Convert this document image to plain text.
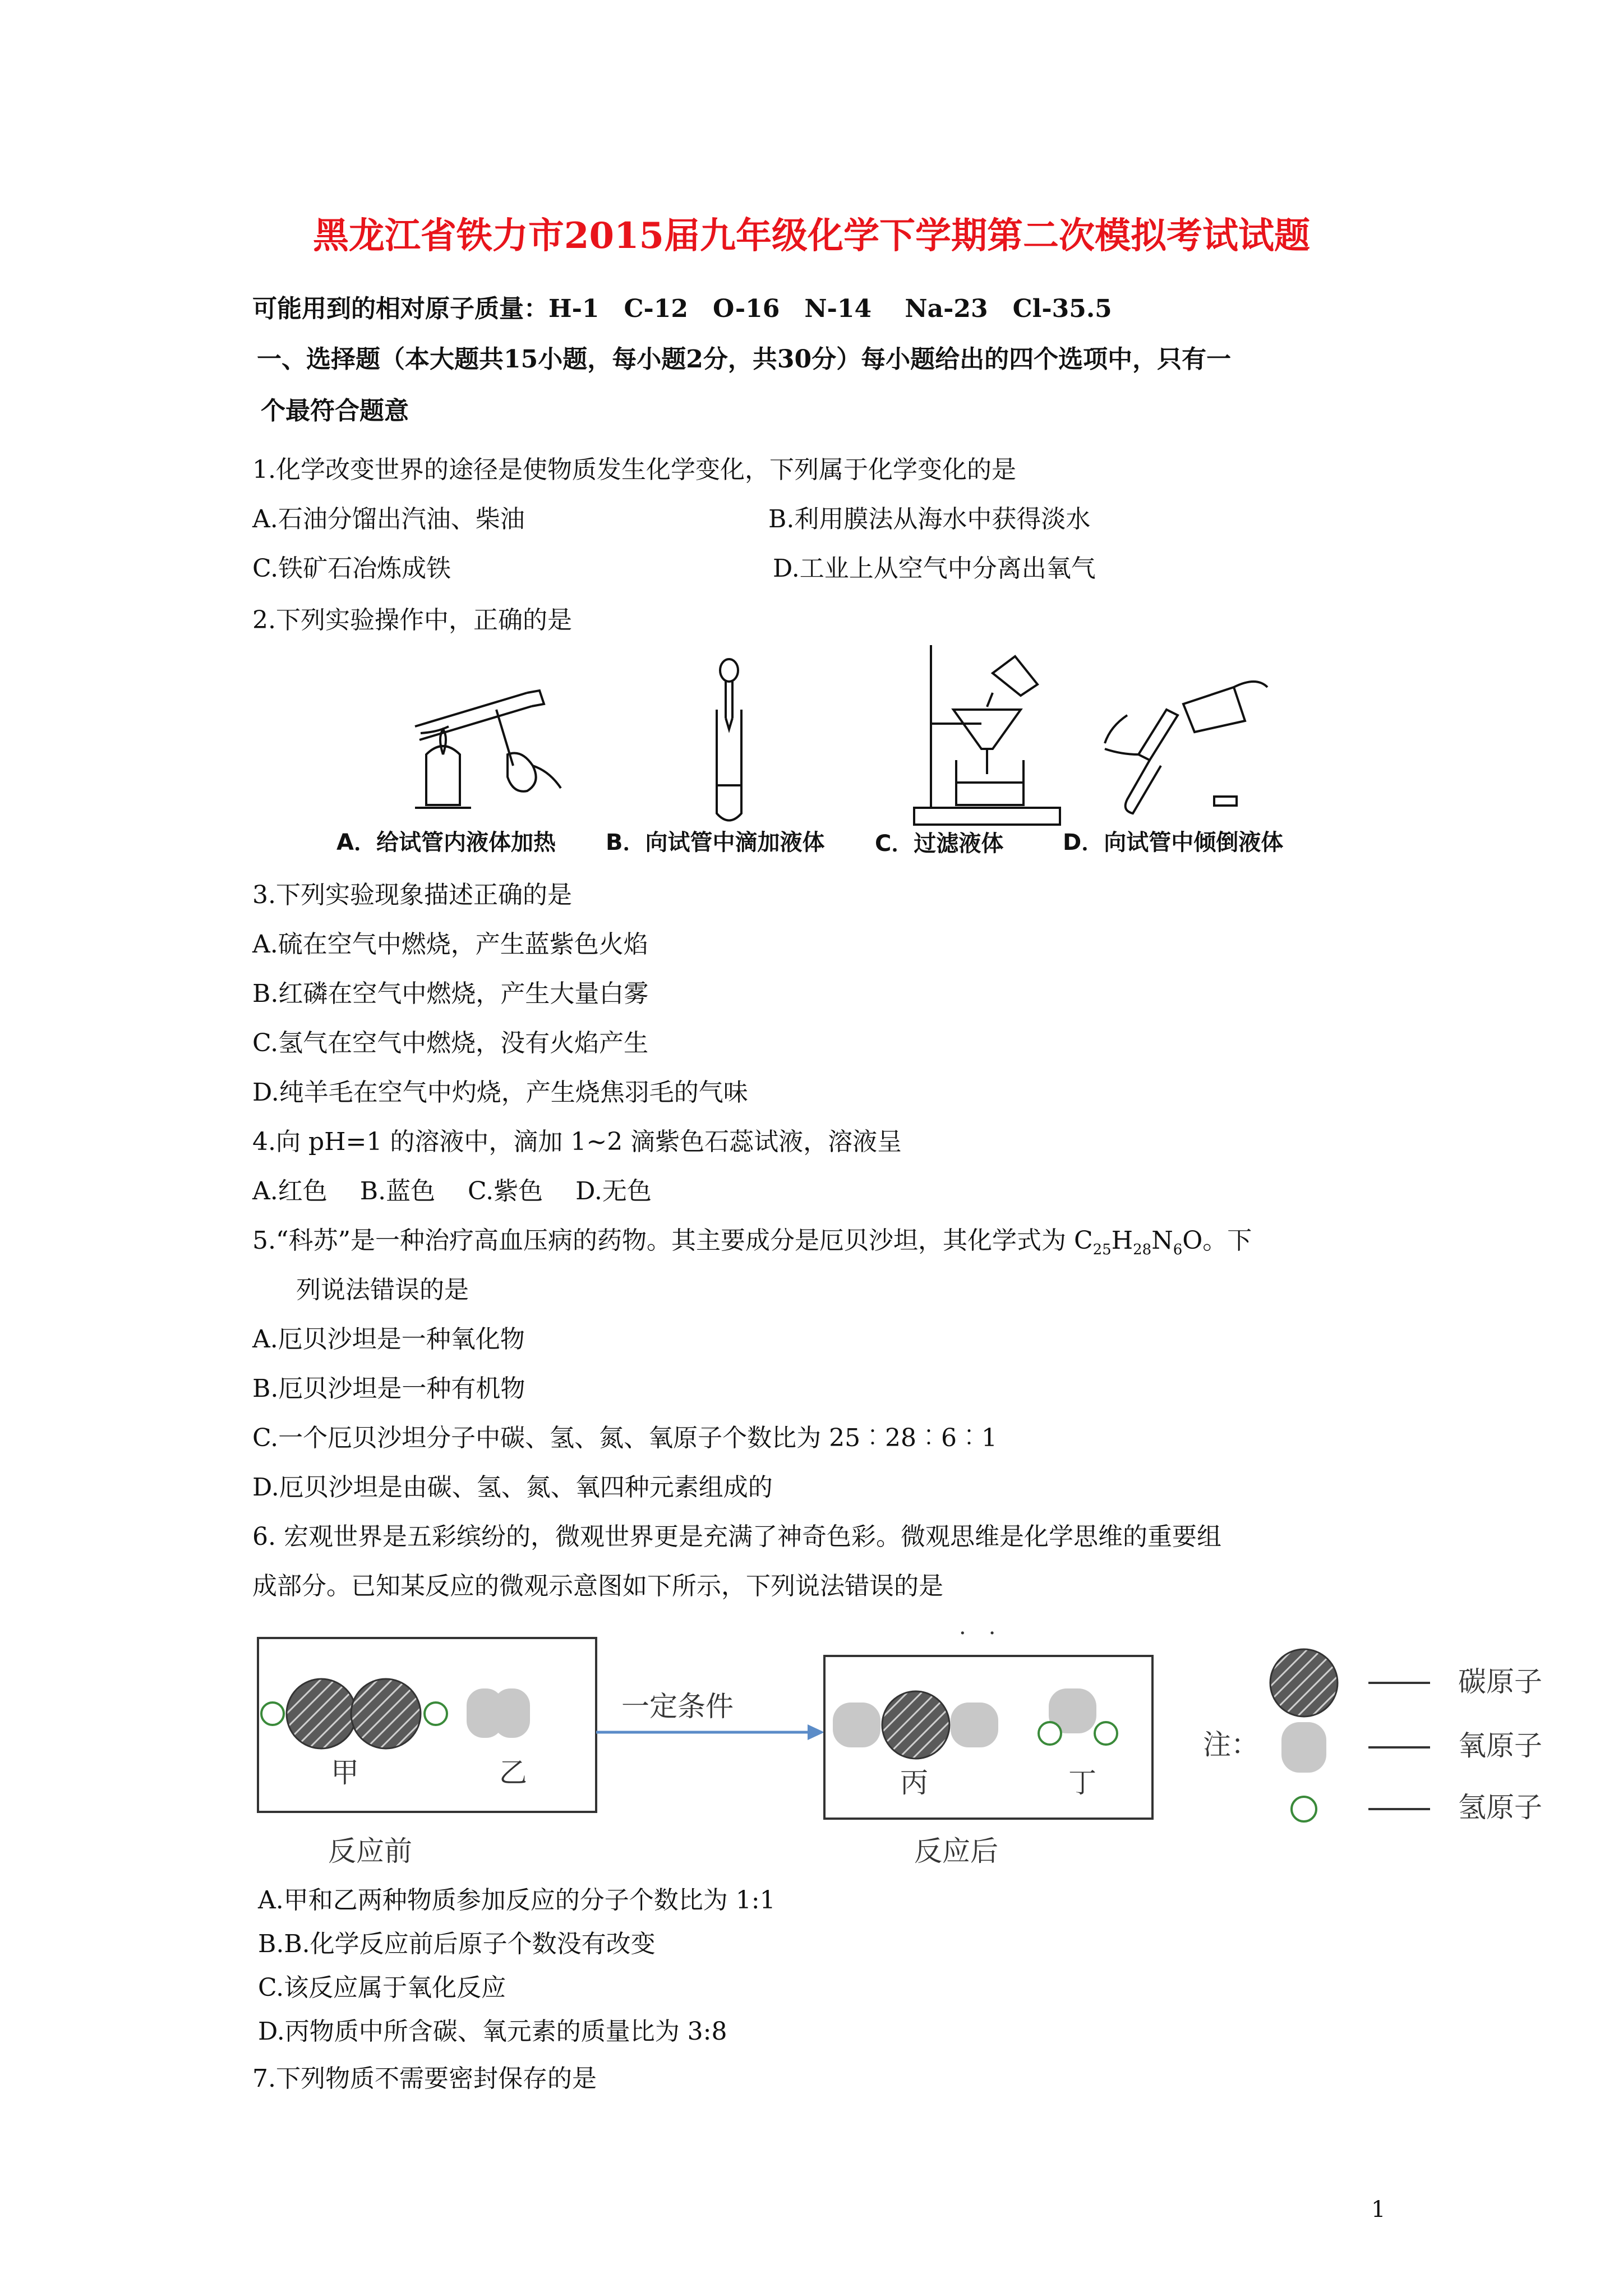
黑龙江省铁力市2015届九年级化学下学期第二次模拟考试试题
可能用到的相对原子质量：H-1　C-12　O-16　N-14　 Na-23　Cl-35.5
一、选择题（本大题共15小题，每小题2分，共30分）每小题给出的四个选项中，只有一
个最符合题意
1.化学改变世界的途径是使物质发生化学变化，下列属于化学变化的是
A.石油分馏出汽油、柴油	B.利用膜法从海水中获得淡水
C.铁矿石冶炼成铁	D.工业上从空气中分离出氧气
2.下列实验操作中，正确的是
A．给试管内液体加热 B．向试管中滴加液体 C．过滤液体	D．向试管中倾倒液体
3.下列实验现象描述正确的是
A.硫在空气中燃烧，产生蓝紫色火焰
B.红磷在空气中燃烧，产生大量白雾
C.氢气在空气中燃烧，没有火焰产生
D.纯羊毛在空气中灼烧，产生烧焦羽毛的气味
4.向 pH=1 的溶液中，滴加 1~2 滴紫色石蕊试液，溶液呈
A.红色　 B.蓝色　 C.紫色　 D.无色
5.“科苏”是一种治疗高血压病的药物。其主要成分是厄贝沙坦，其化学式为 $C_{25}H_{28}N_6O$。下
列说法错误的是
A.厄贝沙坦是一种氧化物
B.厄贝沙坦是一种有机物
C.一个厄贝沙坦分子中碳、氢、氮、氧原子个数比为 25︰28︰6︰1
D.厄贝沙坦是由碳、氢、氮、氧四种元素组成的
6. 宏观世界是五彩缤纷的，微观世界更是充满了神奇色彩。微观思维是化学思维的重要组
成部分。已知某反应的微观示意图如下所示，下列说法错误的是
·　·
甲	乙
一定条件
丙	丁
反应前	反应后
注：
碳原子
氧原子
氢原子
A.甲和乙两种物质参加反应的分子个数比为 1:1
B.B.化学反应前后原子个数没有改变
C.该反应属于氧化反应
D.丙物质中所含碳、氧元素的质量比为 3:8
7.下列物质不需要密封保存的是
1
